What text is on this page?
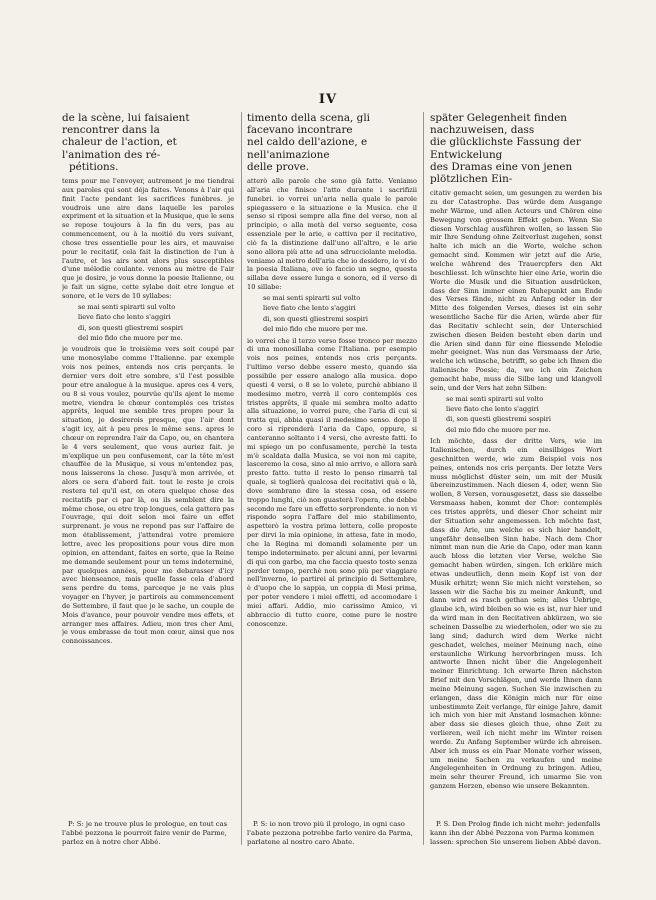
IV
de la scène, lui faisaient rencontrer dans la
chaleur de l'action, et l'animation des ré-
pétitions.

tems pour me l'envoyer, autrement je me tiendrai aux paroles qui sont déja faites. Venons à l'air qui finit l'acte pendant les sacrifices funèbres. je voudrois une aire dans laquelle les paroles expriment et la situation et la Musique, que le sens se repose toujours à la fin du vers, pas au commencement, ou à la moitié du vers suivant, chose tres essentielle pour les airs, et mauvaise pour le recitatif, cela fait la distinction de l'un à l'autre, et les airs sont alors plus susceptibles d'une mélodie coulante. venons au mètre de l'air que je desire, je vous donne la poesie Italienne, ou je fait un signe, cette sylabe doit etre longue et sonore, et le vers de 10 syllabes:

se mai senti spirarti sul volto
lieve fiato che lento s'aggiri
di, son questi gliestremi sospiri
del mio fido che muore per me.

je voudrois que le troisième vers soit coupé par une monosylabe comme l'Italienne. par exemple vois nos peines, entends nos cris perçants. le dernier vers doit etre sombre, s'il l'est possible pour etre analogue à la musique. apres ces 4 vers, ou 8 si vous voulez, pourvûe qu'ils ajent le meme metre, viendra le chœur contemplés ces tristes apprêts, lequel me semble tres propre pour la situation, je desirerois presque, que l'air dont s'agit icy, ait à peu pres le même sens. apres le chœur on reprendra l'air da Capo, ou, en chantera le 4 vers seulement, que vous auriez fait. je m'explique un peu confusement, car la tête m'est chauffée de la Musique, si vous m'entendez pas, nous laisserons la chose. Jusqu'à mon arrivée, et alors ce sera d'abord fait. tout le reste je crois restera tel qu'il est, on otera quelque chose des recitatifs par ci par là, ou ils semblent dire la même chose, ou etre trop longues, cela gattera pas l'ouvrage, qui doit selon moi faire un effet surprenant. je vous ne repond pas sur l'affaire de mon établissement, j'attendrai votre premiere lettre, avec les propositions pour vous dire mon opinion, en attendant, faites en sorte, que la Reine me demande seulement pour un tems indeterminé, par quelques années, pour me debarasser d'icy avec bienseance, mais quelle fasse cela d'abord sens perdre du tems, parceque je ne vais plus voyager en l'hyver, je partirois au commencement de Settembre, il faut que je le sache, un couple de Mois d'avance, pour pouvoir vendre mes effets, et arranger mes affaires. Adieu, mon tres cher Ami, je vous embrasse de tout mon cœur, ainsi que nos connoissances.

P: S: je ne trouve plus le prologue, en tout cas
l'abbé pezzona le pourroit faire venir de Parme,
parlez en à notre cher Abbé.
timento della scena, gli facevano incontrare
nel caldo dell'azione, e nell'animazione
delle prove.

atterò alle parole che sono già fatte. Veniamo all'aria che finisce l'atto durante i sacrifizii funebri. io vorrei un'aria nella quale le parole spiegassero e la situazione e la Musica. che il senso si riposi sempre alla fine del verso, non al principio, o alla metà del verso seguente, cosa essenziale per le arie, e cattiva per il recitativo, ciò fa la distinzione dall'uno all'altro, e le arie sono allora più atte ad una sdrucciolante melodia. veniamo al metro dell'aria che io desidero, io vi do la poesia Italiana, ove io faccio un segno, questa sillaba deve essere lunga e sonora, ed il verso di 10 sillabe:

se mai senti spirarti sul volto
lieve fiato che lento s'aggiri
di, son questi gliestremi sospiri
del mio fido che muore per me.

io vorrei che il terzo verso fosse tronco per mezzo di una monosillaba come l'Italiana. per esempio vois nos peines, entends nos cris perçants. l'ultimo verso debbe essere mesto, quando sia possibile per essere analogo alla musica. dopo questi 4 versi, o 8 se lo volete, purchè abbiano il medesimo metro, verrà il coro contemplés ces tristes apprêts, il quale mi sembra molto adatto alla situazione, io vorrei pure, che l'aria di cui si tratta qui, abbia quasi il medesimo senso. dopo il coro si riprenderà l'aria da Capo, oppure, si canteranno soltanto i 4 versi, che avreste fatti. Io mi spiego un po confusamente, perchè la testa m'è scaldata dalla Musica, se voi non mi capite, lasceremo la cosa, sino al mio arrivo, e allora sarà presto fatto. tutto il resto lo penso rimarrà tal quale, si toglierà qualcosa dei recitativi quà e là, dove sembrano dire la stessa cosa, od essere troppo lunghi, ciò non guasterà l'opera, che debbe secondo me fare un effetto sorprendente. io non vi rispondo sopra l'affare del mio stabilimento, aspetterò la vostra prima lettera, colle proposte per dirvi la mia opinione, in attesa, fate in modo, che la Regina mi domandi solamente per un tempo indeterminato. per alcuni anni, per levarmi di qui con garbo, ma che faccia questo tosto senza perder tempo, perchè non sono più per viaggiare nell'inverno, io partirei al principio di Settembre, è d'uopo che lo sappia, un coppia di Mesi prima, per poter vendere i miei effetti, ed accomodare i miei affari. Addio, mio carissimo Amico, vi abbraccio di tutto cuore, come pure le nostre conoscenze.

P. S: io non trovo più il prologo, in ogni caso
l'abate pezzona potrebbe farlo venire da Parma,
parlatene al nostro caro Abate.
später Gelegenheit finden nachzuweisen, dass
die glücklichste Fassung der Entwickelung
des Dramas eine von jenen plötzlichen Ein-

citativ gemacht seien, um gesungen zu werden bis zu der Catastrophe. Das würde dem Ausgange mehr Wärme, und allen Acteurs und Chören eine Bewegung von grossem Effekt geben. Wenn Sie diesen Vorschlag ausführen wollen, so lassen Sie mir Ihre Sendung ohne Zeitverlust zugehen, sonst halte ich mich an die Worte, welche schon gemacht sind. Kommen wir jetzt auf die Arie, welche während des Trauercpfers den Akt beschliesst. Ich wünschte hier eine Arie, worin die Worte die Musik und die Situation ausdrücken, dass der Sinn immer einen Ruhepunkt am Ende des Verses fände, nicht zu Anfang oder in der Mitte des folgenden Verses, dieses ist ein sehr wesentliche Sache für die Arien, würde aber für das Recitativ schlecht sein, der Unterschied zwischen diesen Beiden besteht eben darin und die Arien sind dann für eine fliessende Melodie mehr geeignet. Was nun das Versmaass der Arie, welche ich wünsche, betrifft, so gebe ich Ihnen die italienische Poesie; da, wo ich ein Zeichen gemacht habe, muss die Silbe lang und klangvoll sein, und der Vers hat zehn Silben:

se mai senti spirarti sul volto
lieve fiato che lento s'aggiri
di, son questi gliestremi sospiri
del mio fido che muore per me.

Ich möchte, dass der dritte Vers, wie im Italienischen, durch ein einsilbiges Wort geschnitten werde, wie zum Beispiel vois nos peines, entends nos cris perçants. Der letzte Vers muss möglichst düster sein, um mit der Musik übereinzustimmen. Nach diesen 4, oder, wenn Sie wollen, 8 Versen, vorausgesetzt, dass sie dasselbe Versmaass haben, kommt der Chor: contemplés ces tristes apprêts, und dieser Chor scheint mir der Situation sehr angemessen. Ich möchte fast, dass die Arie, um welche es sich hier handelt, ungefähr denselben Sinn habe. Nach dem Chor nimmt man nun die Arie da Capo, oder man kann auch bloss die letzten vier Verse, welche Sie gemacht haben würden, singen. Ich erkläre mich etwas undeutlich, denn mein Kopf ist von der Musik erhitzt; wenn Sie mich nicht verstehen, so lassen wir die Sache bis zu meiner Ankunft, und dann wird es rasch gethan sein; alles Uebrige, glaube ich, wird bleiben so wie es ist, nur hier und da wird man in den Recitativen abkürzen, wo sie scheinen Dasselbe zu wiederholen, oder wo sie zu lang sind; dadurch wird dem Werke nicht geschadet, welches, meiner Meinung nach, eine erstaunliche Wirkung hervorbringen muss. Ich antworte Ihnen nicht über die Angelegenheit meiner Einrichtung. Ich erwarte Ihren nächsten Brief mit den Vorschlägen, und werde Ihnen dann meine Meinung sagen. Suchen Sie inzwischen zu erlangen, dass die Königin mich nur für eine unbestimmte Zeit verlange, für einige Jahre, damit ich mich von hier mit Anstand losmachen könne: aber dass sie dieses gleich thue, ohne Zeit zu verlieren, weil ich nicht mehr im Winter reisen werde. Zu Anfang September würde ich abreisen. Aber ich muss es ein Paar Monate vorher wissen, um meine Sachen zu verkaufen und meine Angelegenheiten in Ordnung zu bringen. Adieu, mein sehr theurer Freund, ich umarme Sie von ganzem Herzen, ebenso wie unsere Bekannten.

P. S. Den Prolog finde ich nicht mehr: jedenfalls
kann ihn der Abbé Pezzona von Parma kommen
lassen: sprechen Sie unserem lieben Abbé davon.
